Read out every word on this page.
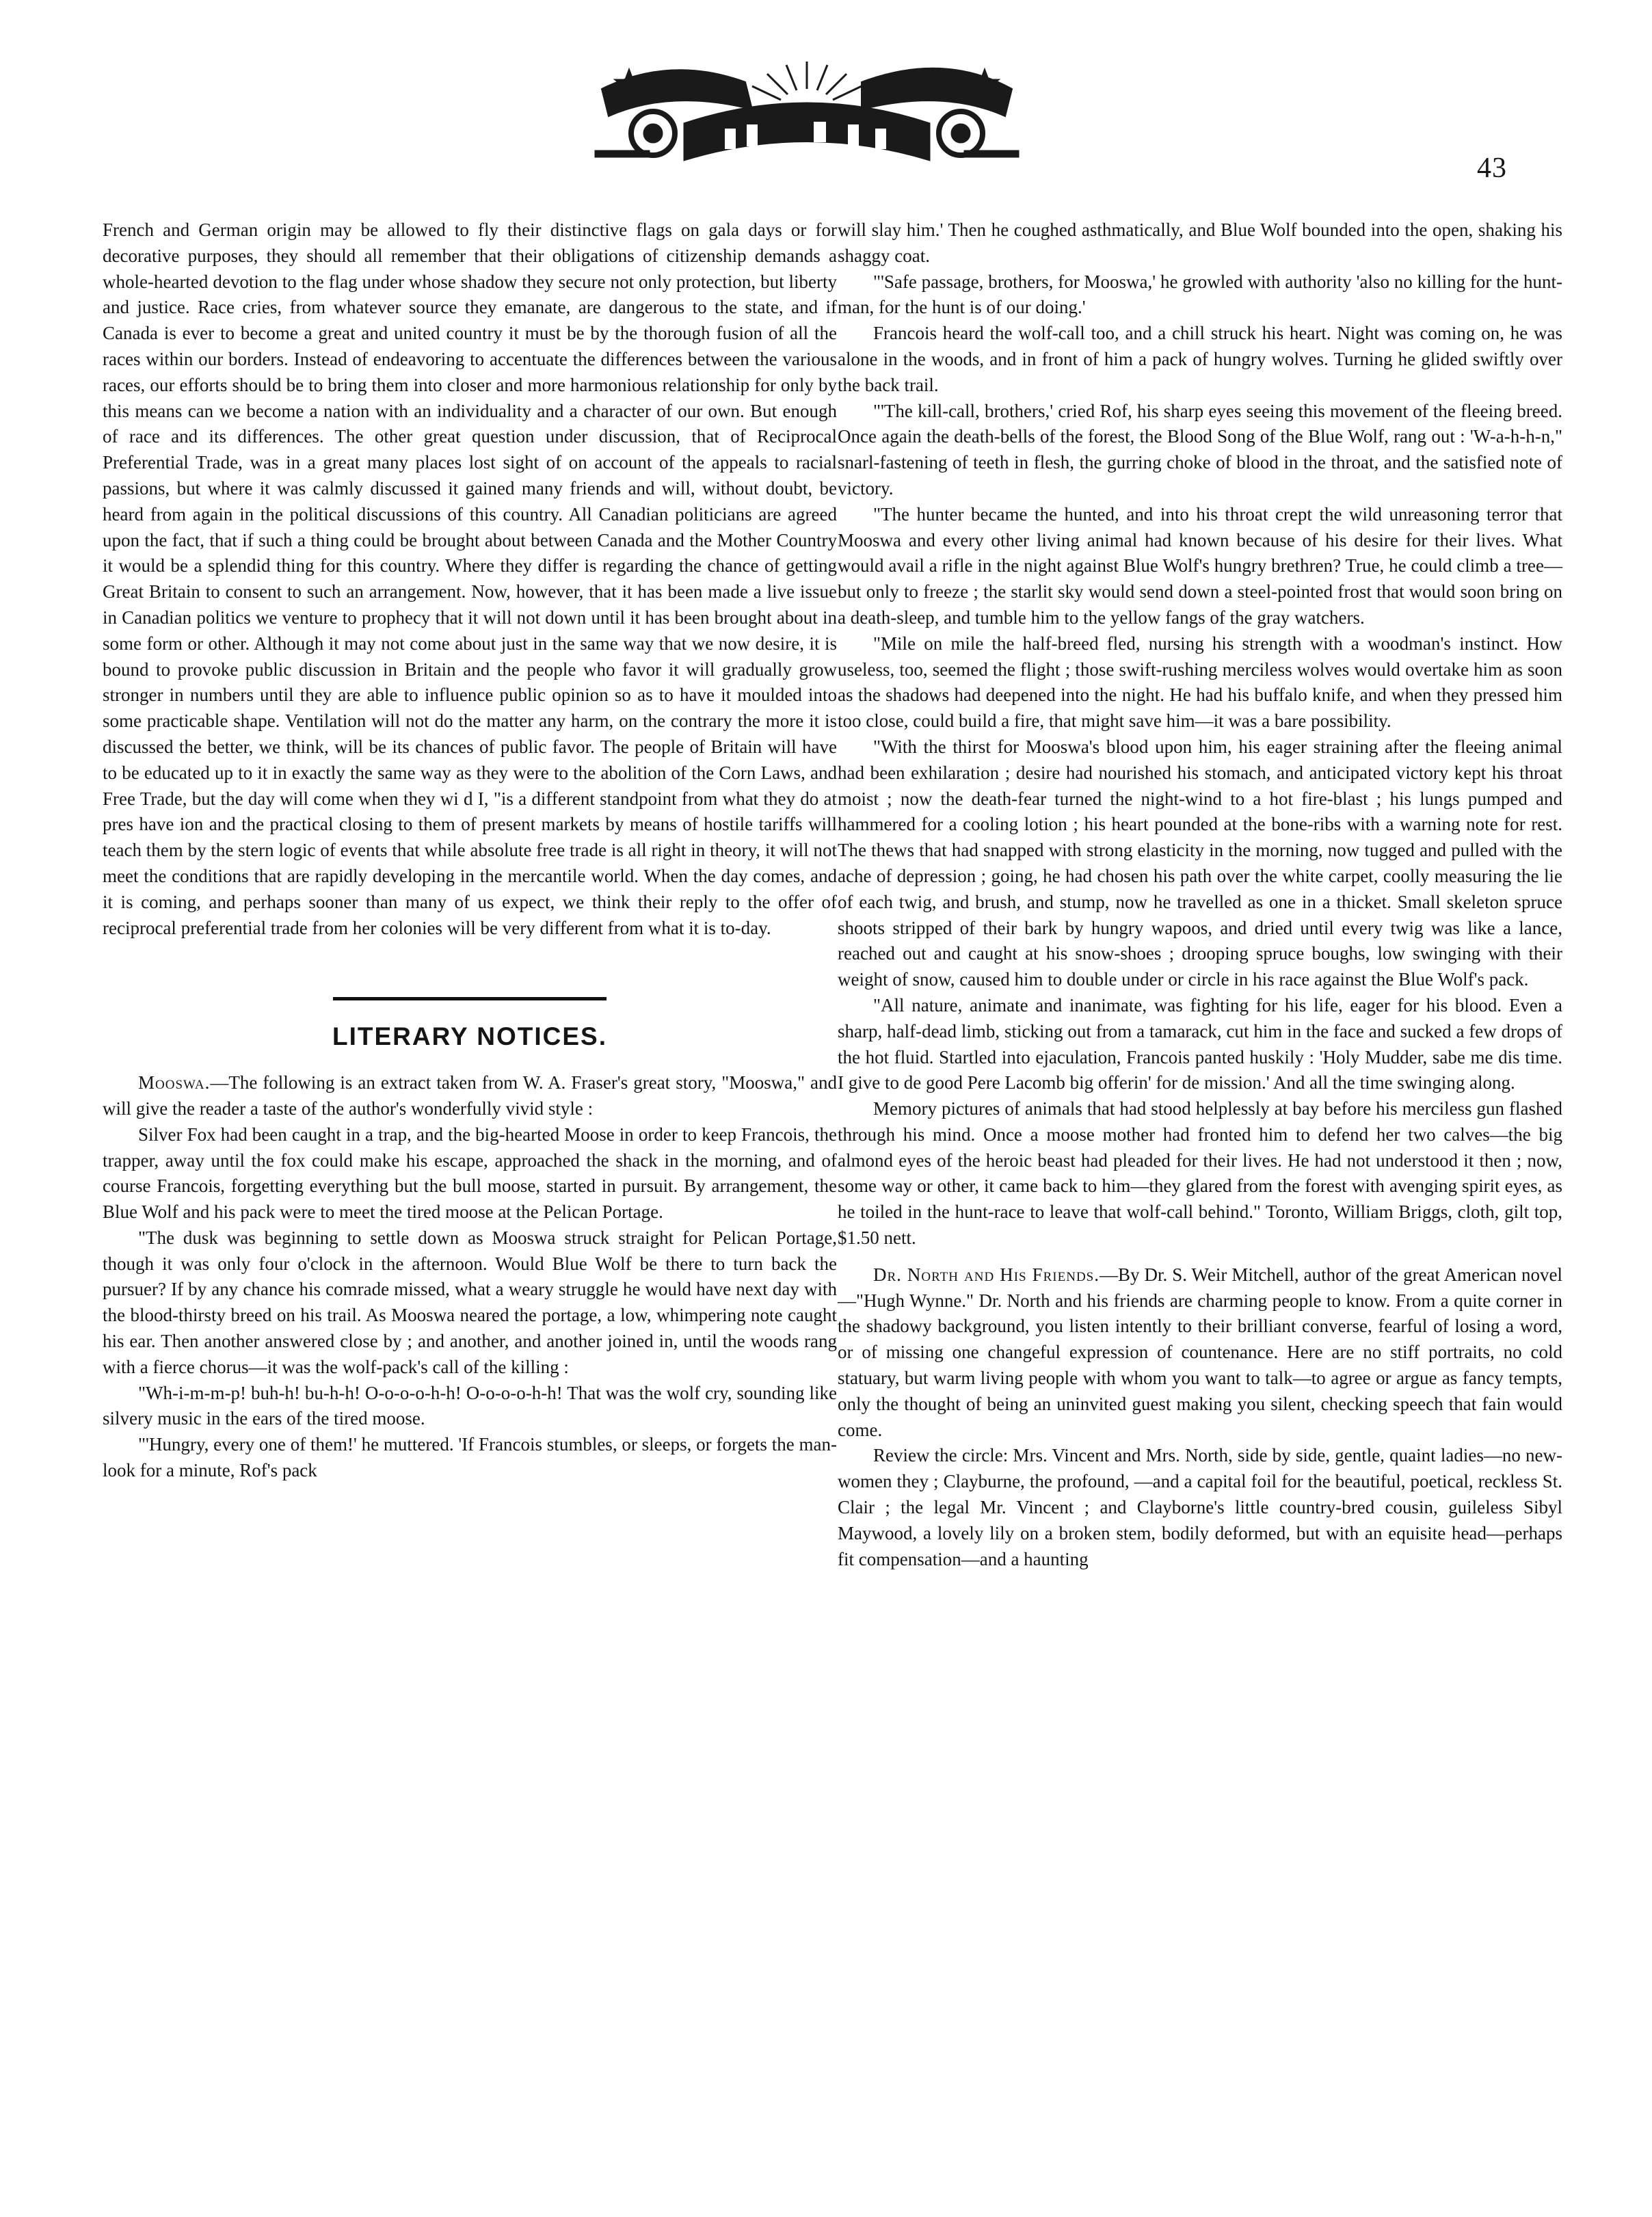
43

French and German origin may be allowed to fly their distinctive flags on gala days or for decorative purposes, they should all remember that their obligations of citizenship demands a whole-hearted devotion to the flag under whose shadow they secure not only protection, but liberty and justice. Race cries, from whatever source they emanate, are dangerous to the state, and if Canada is ever to become a great and united country it must be by the thorough fusion of all the races within our borders. Instead of endeavoring to accentuate the differences between the various races, our efforts should be to bring them into closer and more harmonious relationship for only by this means can we become a nation with an individuality and a character of our own. But enough of race and its differences. The other great question under discussion, that of Reciprocal Preferential Trade, was in a great many places lost sight of on account of the appeals to racial passions, but where it was calmly discussed it gained many friends and will, without doubt, be heard from again in the political discussions of this country. All Canadian politicians are agreed upon the fact, that if such a thing could be brought about between Canada and the Mother Country it would be a splendid thing for this country. Where they differ is regarding the chance of getting Great Britain to consent to such an arrangement. Now, however, that it has been made a live issue in Canadian politics we venture to prophecy that it will not down until it has been brought about in some form or other. Although it may not come about just in the same way that we now desire, it is bound to provoke public discussion in Britain and the people who favor it will gradually grow stronger in numbers until they are able to influence public opinion so as to have it moulded into some practicable shape. Ventilation will not do the matter any harm, on the contrary the more it is discussed the better, we think, will be its chances of public favor. The people of Britain will have to be educated up to it in exactly the same way as they were to the abolition of the Corn Laws, and Free Trade, but the day will come when they wi d I, "is a different standpoint from what they do at pres have ion and the practical closing to them of present markets by means of hostile tariffs will teach them by the stern logic of events that while absolute free trade is all right in theory, it will not meet the conditions that are rapidly developing in the mercantile world. When the day comes, and it is coming, and perhaps sooner than many of us expect, we think their reply to the offer of reciprocal preferential trade from her colonies will be very different from what it is to-day.

LITERARY NOTICES.

Mooswa.—The following is an extract taken from W. A. Fraser's great story, "Mooswa," and will give the reader a taste of the author's wonderfully vivid style :

Silver Fox had been caught in a trap, and the big-hearted Moose in order to keep Francois, the trapper, away until the fox could make his escape, approached the shack in the morning, and of course Francois, forgetting everything but the bull moose, started in pursuit. By arrangement, the Blue Wolf and his pack were to meet the tired moose at the Pelican Portage.

"The dusk was beginning to settle down as Mooswa struck straight for Pelican Portage, though it was only four o'clock in the afternoon. Would Blue Wolf be there to turn back the pursuer? If by any chance his comrade missed, what a weary struggle he would have next day with the blood-thirsty breed on his trail. As Mooswa neared the portage, a low, whimpering note caught his ear. Then another answered close by ; and another, and another joined in, until the woods rang with a fierce chorus—it was the wolf-pack's call of the killing :

"Wh-i-m-m-p! buh-h! bu-h-h! O-o-o-o-h-h! O-o-o-o-h-h! That was the wolf cry, sounding like silvery music in the ears of the tired moose.

"'Hungry, every one of them!' he muttered. 'If Francois stumbles, or sleeps, or forgets the man-look for a minute, Rof's pack

will slay him.' Then he coughed asthmatically, and Blue Wolf bounded into the open, shaking his shaggy coat.

"'Safe passage, brothers, for Mooswa,' he growled with authority 'also no killing for the hunt-man, for the hunt is of our doing.'

Francois heard the wolf-call too, and a chill struck his heart. Night was coming on, he was alone in the woods, and in front of him a pack of hungry wolves. Turning he glided swiftly over the back trail.

"'The kill-call, brothers,' cried Rof, his sharp eyes seeing this movement of the fleeing breed. Once again the death-bells of the forest, the Blood Song of the Blue Wolf, rang out : 'W-a-h-h-n," snarl-fastening of teeth in flesh, the gurring choke of blood in the throat, and the satisfied note of victory.

"The hunter became the hunted, and into his throat crept the wild unreasoning terror that Mooswa and every other living animal had known because of his desire for their lives. What would avail a rifle in the night against Blue Wolf's hungry brethren? True, he could climb a tree—but only to freeze ; the starlit sky would send down a steel-pointed frost that would soon bring on a death-sleep, and tumble him to the yellow fangs of the gray watchers.

"Mile on mile the half-breed fled, nursing his strength with a woodman's instinct. How useless, too, seemed the flight ; those swift-rushing merciless wolves would overtake him as soon as the shadows had deepened into the night. He had his buffalo knife, and when they pressed him too close, could build a fire, that might save him—it was a bare possibility.

"With the thirst for Mooswa's blood upon him, his eager straining after the fleeing animal had been exhilaration ; desire had nourished his stomach, and anticipated victory kept his throat moist ; now the death-fear turned the night-wind to a hot fire-blast ; his lungs pumped and hammered for a cooling lotion ; his heart pounded at the bone-ribs with a warning note for rest. The thews that had snapped with strong elasticity in the morning, now tugged and pulled with the ache of depression ; going, he had chosen his path over the white carpet, coolly measuring the lie of each twig, and brush, and stump, now he travelled as one in a thicket. Small skeleton spruce shoots stripped of their bark by hungry wapoos, and dried until every twig was like a lance, reached out and caught at his snow-shoes ; drooping spruce boughs, low swinging with their weight of snow, caused him to double under or circle in his race against the Blue Wolf's pack.

"All nature, animate and inanimate, was fighting for his life, eager for his blood. Even a sharp, half-dead limb, sticking out from a tamarack, cut him in the face and sucked a few drops of the hot fluid. Startled into ejaculation, Francois panted huskily : 'Holy Mudder, sabe me dis time. I give to de good Pere Lacomb big offerin' for de mission.' And all the time swinging along.

Memory pictures of animals that had stood helplessly at bay before his merciless gun flashed through his mind. Once a moose mother had fronted him to defend her two calves—the big almond eyes of the heroic beast had pleaded for their lives. He had not understood it then ; now, some way or other, it came back to him—they glared from the forest with avenging spirit eyes, as he toiled in the hunt-race to leave that wolf-call behind." Toronto, William Briggs, cloth, gilt top, $1.50 nett.

Dr. North and His Friends.—By Dr. S. Weir Mitchell, author of the great American novel—"Hugh Wynne." Dr. North and his friends are charming people to know. From a quite corner in the shadowy background, you listen intently to their brilliant converse, fearful of losing a word, or of missing one changeful expression of countenance. Here are no stiff portraits, no cold statuary, but warm living people with whom you want to talk—to agree or argue as fancy tempts, only the thought of being an uninvited guest making you silent, checking speech that fain would come.

Review the circle: Mrs. Vincent and Mrs. North, side by side, gentle, quaint ladies—no new-women they ; Clayburne, the profound, —and a capital foil for the beautiful, poetical, reckless St. Clair ; the legal Mr. Vincent ; and Clayborne's little country-bred cousin, guileless Sibyl Maywood, a lovely lily on a broken stem, bodily deformed, but with an equisite head—perhaps fit compensation—and a haunting
